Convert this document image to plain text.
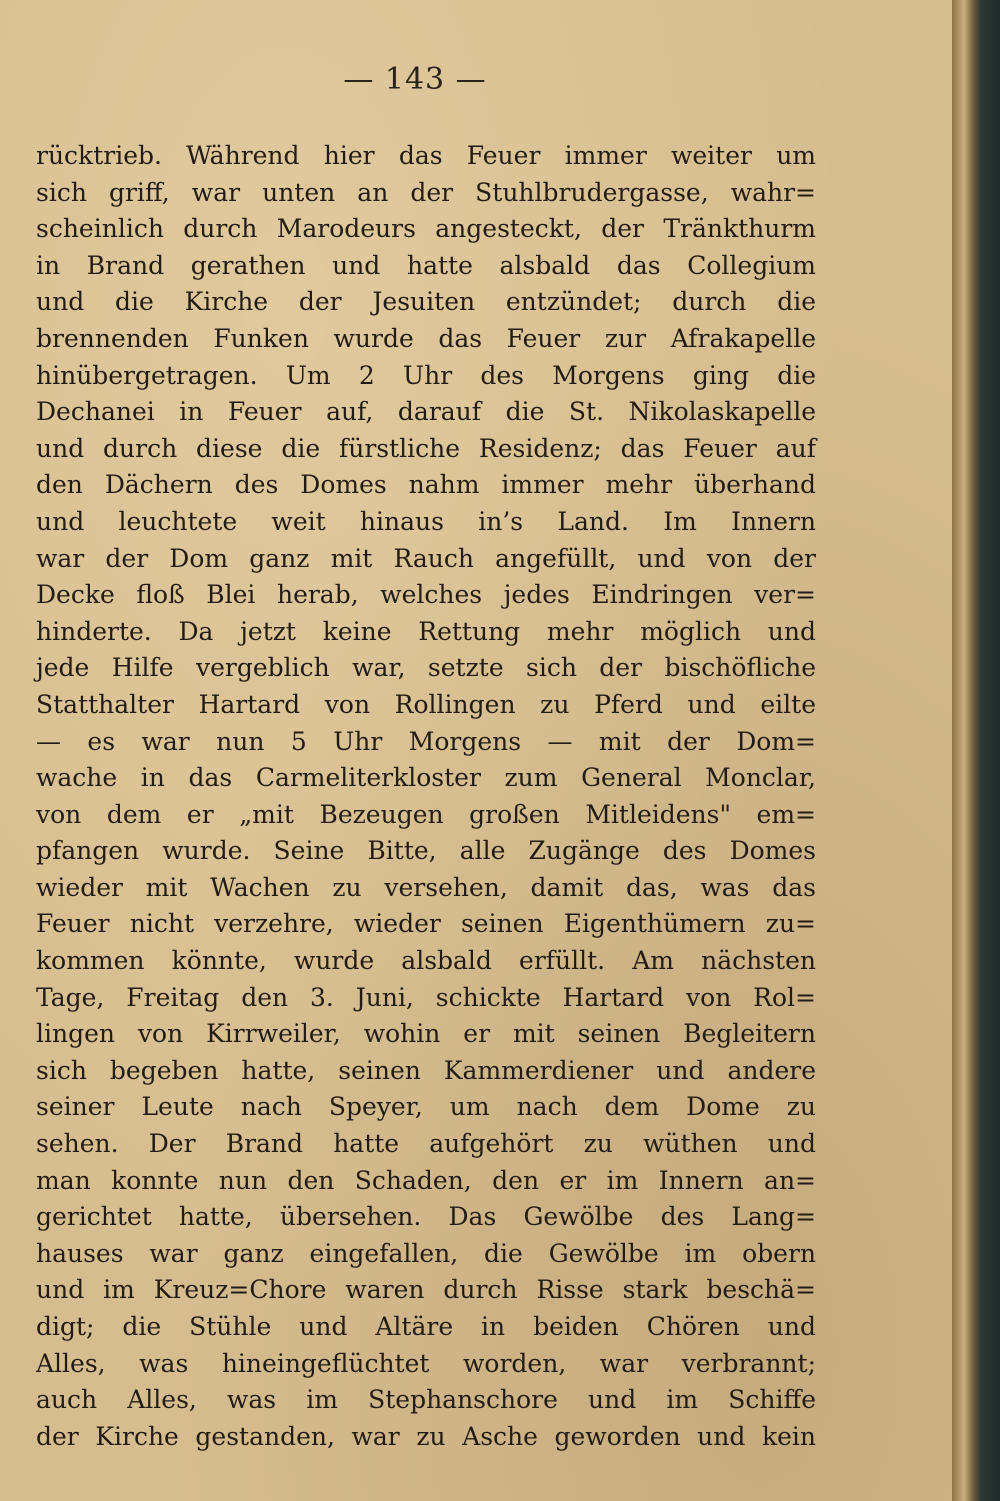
— 143 —
rücktrieb. Während hier das Feuer immer weiter um
sich griff, war unten an der Stuhlbrudergasse, wahr=
scheinlich durch Marodeurs angesteckt, der Tränkthurm
in Brand gerathen und hatte alsbald das Collegium
und die Kirche der Jesuiten entzündet; durch die
brennenden Funken wurde das Feuer zur Afrakapelle
hinübergetragen. Um 2 Uhr des Morgens ging die
Dechanei in Feuer auf, darauf die St. Nikolaskapelle
und durch diese die fürstliche Residenz; das Feuer auf
den Dächern des Domes nahm immer mehr überhand
und leuchtete weit hinaus in’s Land. Im Innern
war der Dom ganz mit Rauch angefüllt, und von der
Decke floß Blei herab, welches jedes Eindringen ver=
hinderte. Da jetzt keine Rettung mehr möglich und
jede Hilfe vergeblich war, setzte sich der bischöfliche
Statthalter Hartard von Rollingen zu Pferd und eilte
— es war nun 5 Uhr Morgens — mit der Dom=
wache in das Carmeliterkloster zum General Monclar,
von dem er „mit Bezeugen großen Mitleidens" em=
pfangen wurde. Seine Bitte, alle Zugänge des Domes
wieder mit Wachen zu versehen, damit das, was das
Feuer nicht verzehre, wieder seinen Eigenthümern zu=
kommen könnte, wurde alsbald erfüllt. Am nächsten
Tage, Freitag den 3. Juni, schickte Hartard von Rol=
lingen von Kirrweiler, wohin er mit seinen Begleitern
sich begeben hatte, seinen Kammerdiener und andere
seiner Leute nach Speyer, um nach dem Dome zu
sehen. Der Brand hatte aufgehört zu wüthen und
man konnte nun den Schaden, den er im Innern an=
gerichtet hatte, übersehen. Das Gewölbe des Lang=
hauses war ganz eingefallen, die Gewölbe im obern
und im Kreuz=Chore waren durch Risse stark beschä=
digt; die Stühle und Altäre in beiden Chören und
Alles, was hineingeflüchtet worden, war verbrannt;
auch Alles, was im Stephanschore und im Schiffe
der Kirche gestanden, war zu Asche geworden und kein
